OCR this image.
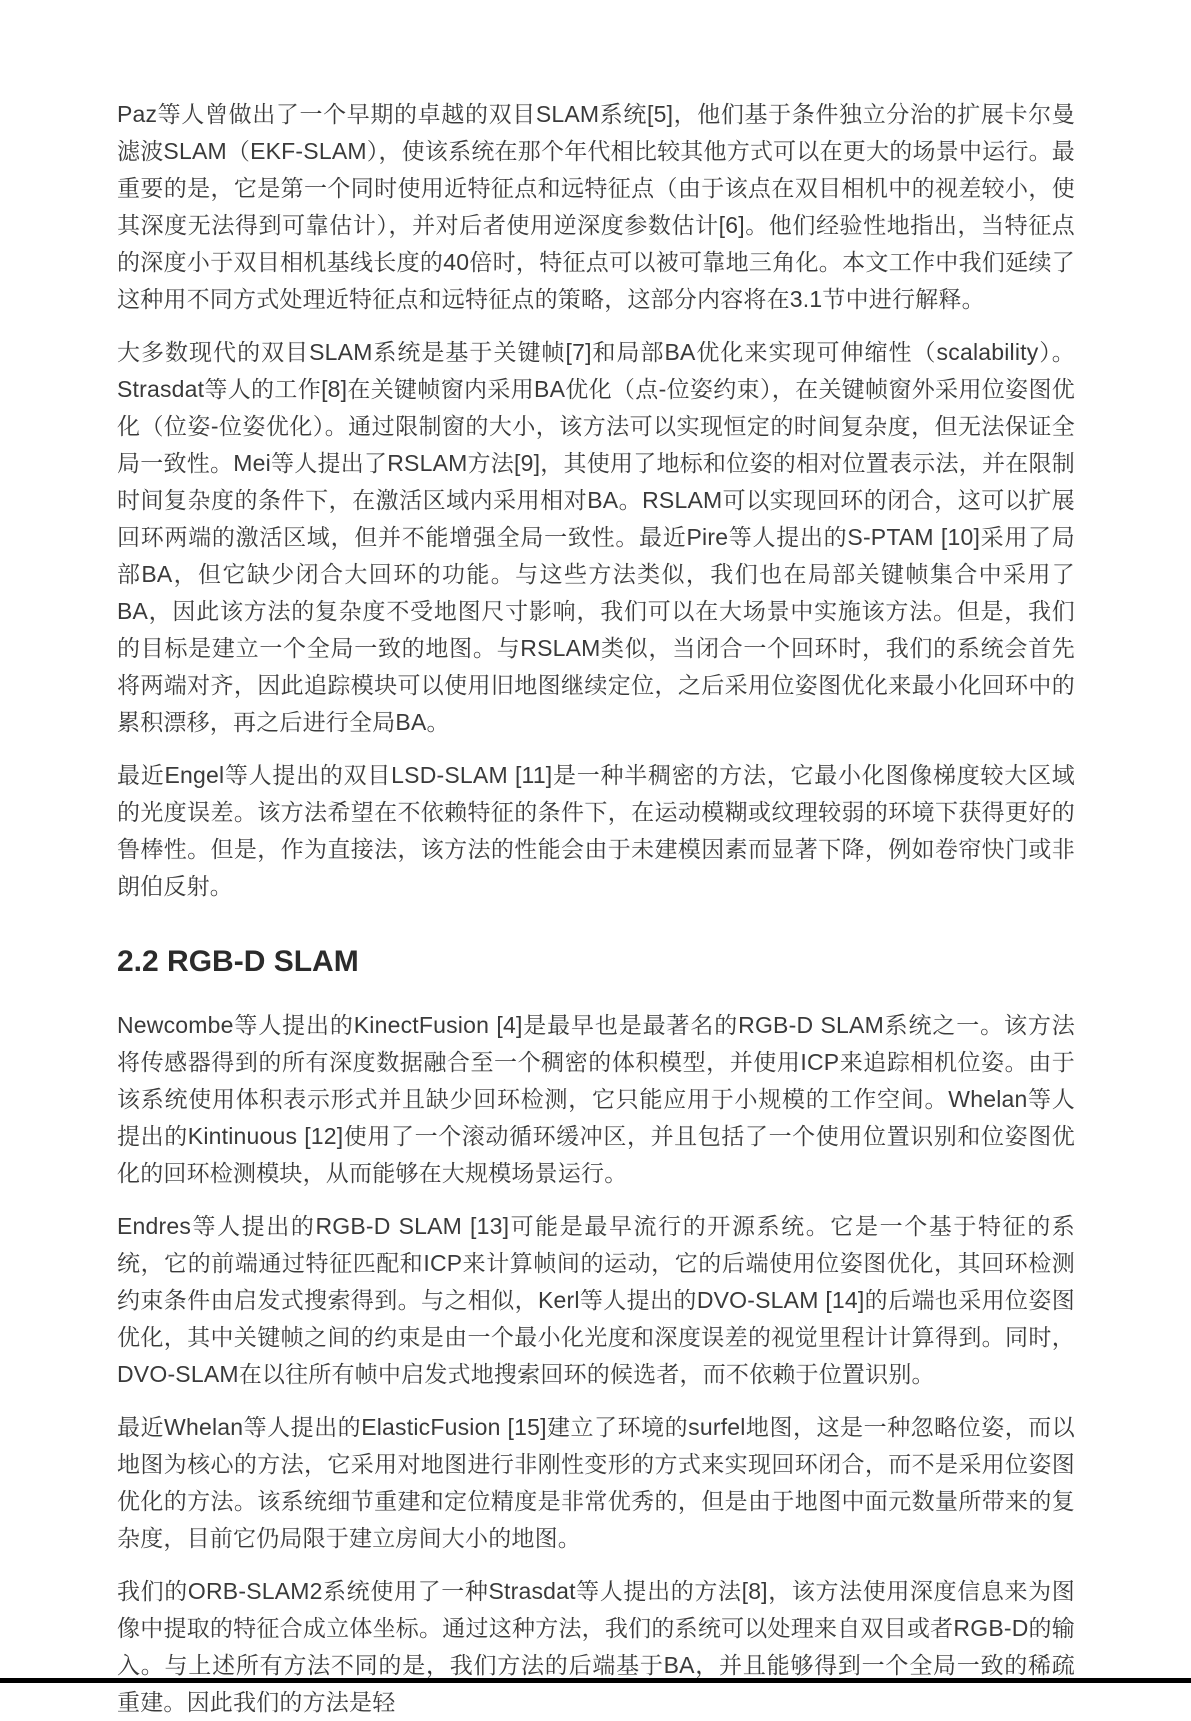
Paz等人曾做出了一个早期的卓越的双目SLAM系统[5]，他们基于条件独立分治的扩展卡尔曼滤波SLAM（EKF-SLAM），使该系统在那个年代相比较其他方式可以在更大的场景中运行。最重要的是，它是第一个同时使用近特征点和远特征点（由于该点在双目相机中的视差较小，使其深度无法得到可靠估计），并对后者使用逆深度参数估计[6]。他们经验性地指出，当特征点的深度小于双目相机基线长度的40倍时，特征点可以被可靠地三角化。本文工作中我们延续了这种用不同方式处理近特征点和远特征点的策略，这部分内容将在3.1节中进行解释。

大多数现代的双目SLAM系统是基于关键帧[7]和局部BA优化来实现可伸缩性（scalability）。Strasdat等人的工作[8]在关键帧窗内采用BA优化（点-位姿约束），在关键帧窗外采用位姿图优化（位姿-位姿优化）。通过限制窗的大小，该方法可以实现恒定的时间复杂度，但无法保证全局一致性。Mei等人提出了RSLAM方法[9]，其使用了地标和位姿的相对位置表示法，并在限制时间复杂度的条件下，在激活区域内采用相对BA。RSLAM可以实现回环的闭合，这可以扩展回环两端的激活区域，但并不能增强全局一致性。最近Pire等人提出的S-PTAM [10]采用了局部BA，但它缺少闭合大回环的功能。与这些方法类似，我们也在局部关键帧集合中采用了BA，因此该方法的复杂度不受地图尺寸影响，我们可以在大场景中实施该方法。但是，我们的目标是建立一个全局一致的地图。与RSLAM类似，当闭合一个回环时，我们的系统会首先将两端对齐，因此追踪模块可以使用旧地图继续定位，之后采用位姿图优化来最小化回环中的累积漂移，再之后进行全局BA。

最近Engel等人提出的双目LSD-SLAM [11]是一种半稠密的方法，它最小化图像梯度较大区域的光度误差。该方法希望在不依赖特征的条件下，在运动模糊或纹理较弱的环境下获得更好的鲁棒性。但是，作为直接法，该方法的性能会由于未建模因素而显著下降，例如卷帘快门或非朗伯反射。

2.2 RGB-D SLAM

Newcombe等人提出的KinectFusion [4]是最早也是最著名的RGB-D SLAM系统之一。该方法将传感器得到的所有深度数据融合至一个稠密的体积模型，并使用ICP来追踪相机位姿。由于该系统使用体积表示形式并且缺少回环检测，它只能应用于小规模的工作空间。Whelan等人提出的Kintinuous [12]使用了一个滚动循环缓冲区，并且包括了一个使用位置识别和位姿图优化的回环检测模块，从而能够在大规模场景运行。

Endres等人提出的RGB-D SLAM [13]可能是最早流行的开源系统。它是一个基于特征的系统，它的前端通过特征匹配和ICP来计算帧间的运动，它的后端使用位姿图优化，其回环检测约束条件由启发式搜索得到。与之相似，Kerl等人提出的DVO-SLAM [14]的后端也采用位姿图优化，其中关键帧之间的约束是由一个最小化光度和深度误差的视觉里程计计算得到。同时，DVO-SLAM在以往所有帧中启发式地搜索回环的候选者，而不依赖于位置识别。

最近Whelan等人提出的ElasticFusion [15]建立了环境的surfel地图，这是一种忽略位姿，而以地图为核心的方法，它采用对地图进行非刚性变形的方式来实现回环闭合，而不是采用位姿图优化的方法。该系统细节重建和定位精度是非常优秀的，但是由于地图中面元数量所带来的复杂度，目前它仍局限于建立房间大小的地图。

我们的ORB-SLAM2系统使用了一种Strasdat等人提出的方法[8]，该方法使用深度信息来为图像中提取的特征合成立体坐标。通过这种方法，我们的系统可以处理来自双目或者RGB-D的输入。与上述所有方法不同的是，我们方法的后端基于BA，并且能够得到一个全局一致的稀疏重建。因此我们的方法是轻
